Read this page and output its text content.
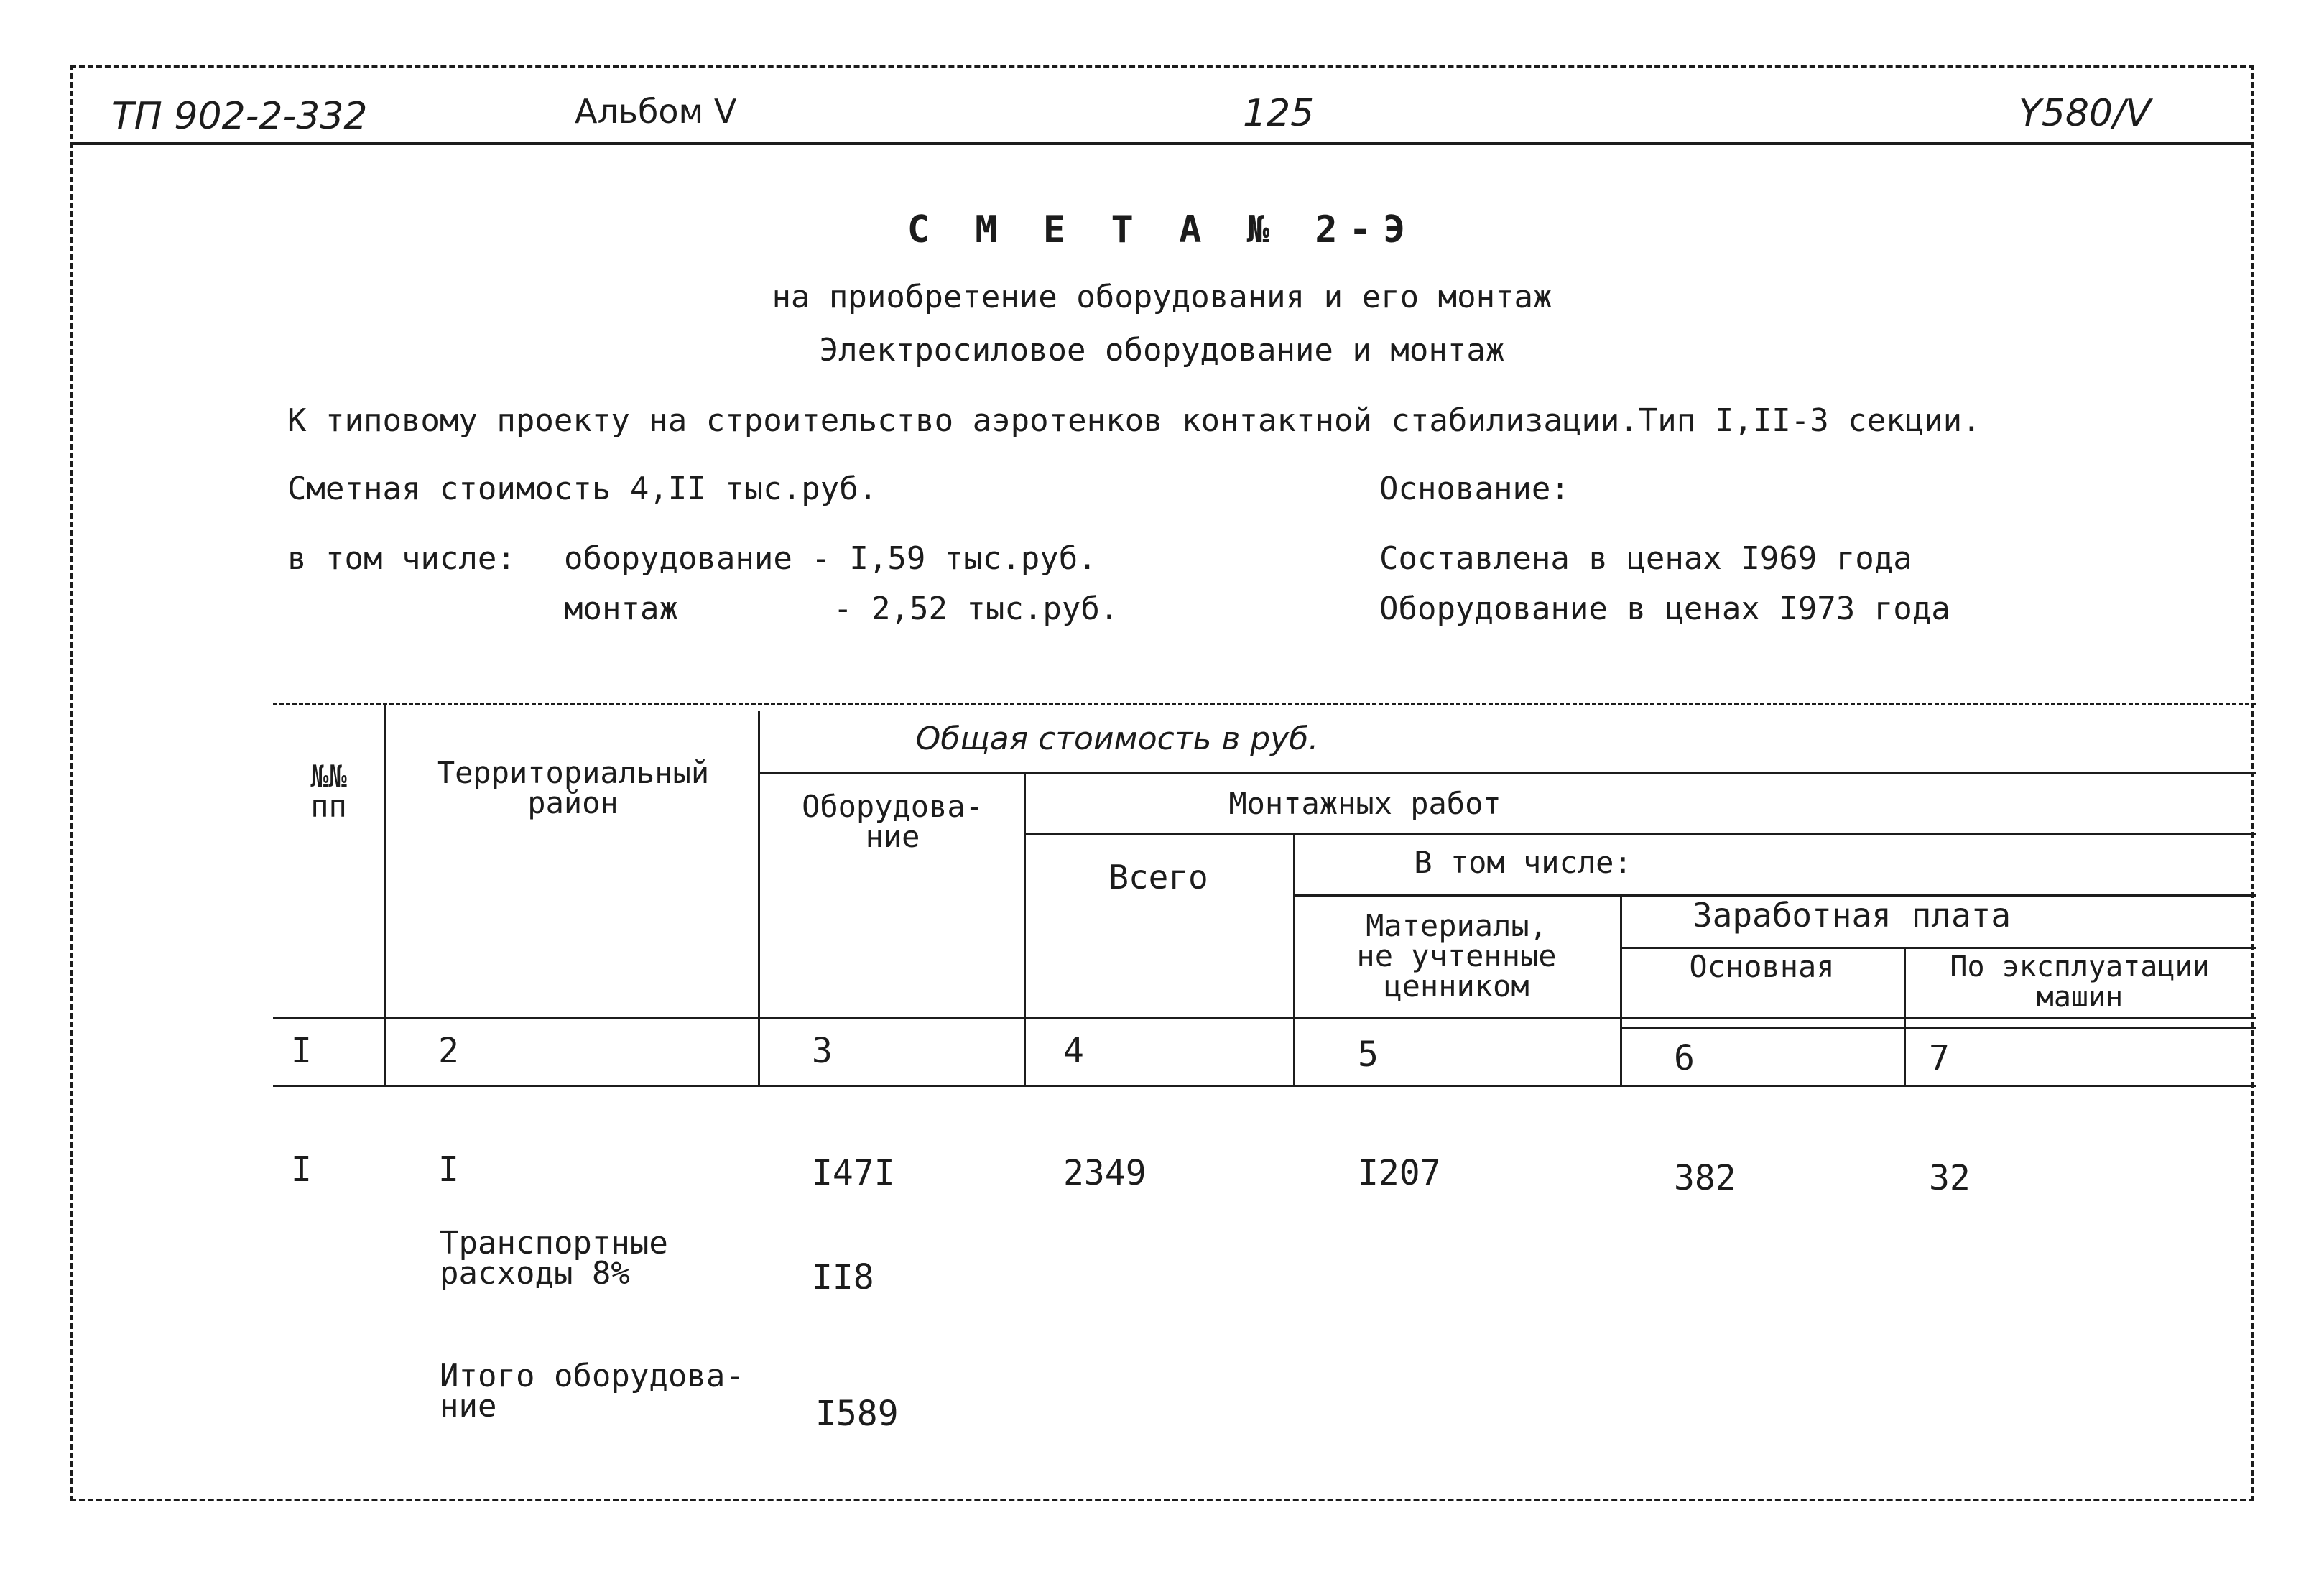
ТП 902-2-332	Альбом V	125	Y580/V
С М Е Т А № 2-Э
на приобретение оборудования и его монтаж
Электросиловое оборудование и монтаж
К типовому проекту на строительство аэротенков контактной стабилизации.Тип I,II-3 секции.
Сметная стоимость 4,II тыс.руб.	Основание:
в том числе: оборудование - I,59 тыс.руб.	Составлена в ценах I969 года
монтаж	- 2,52 тыс.руб.	Оборудование в ценах I973 года
№№
пп
Территориальный
район
Общая стоимость в руб.
Оборудова-
ние
Монтажных работ
Всего	В том числе:
Материалы,
не учтенные
ценником
Заработная плата
Основная	По эксплуатации
машин
I	2	3	4	5	6	7
I	I	I47I	2349	I207	382	32
Транспортные
расходы 8%	II8
Итого оборудова-
ние	I589
